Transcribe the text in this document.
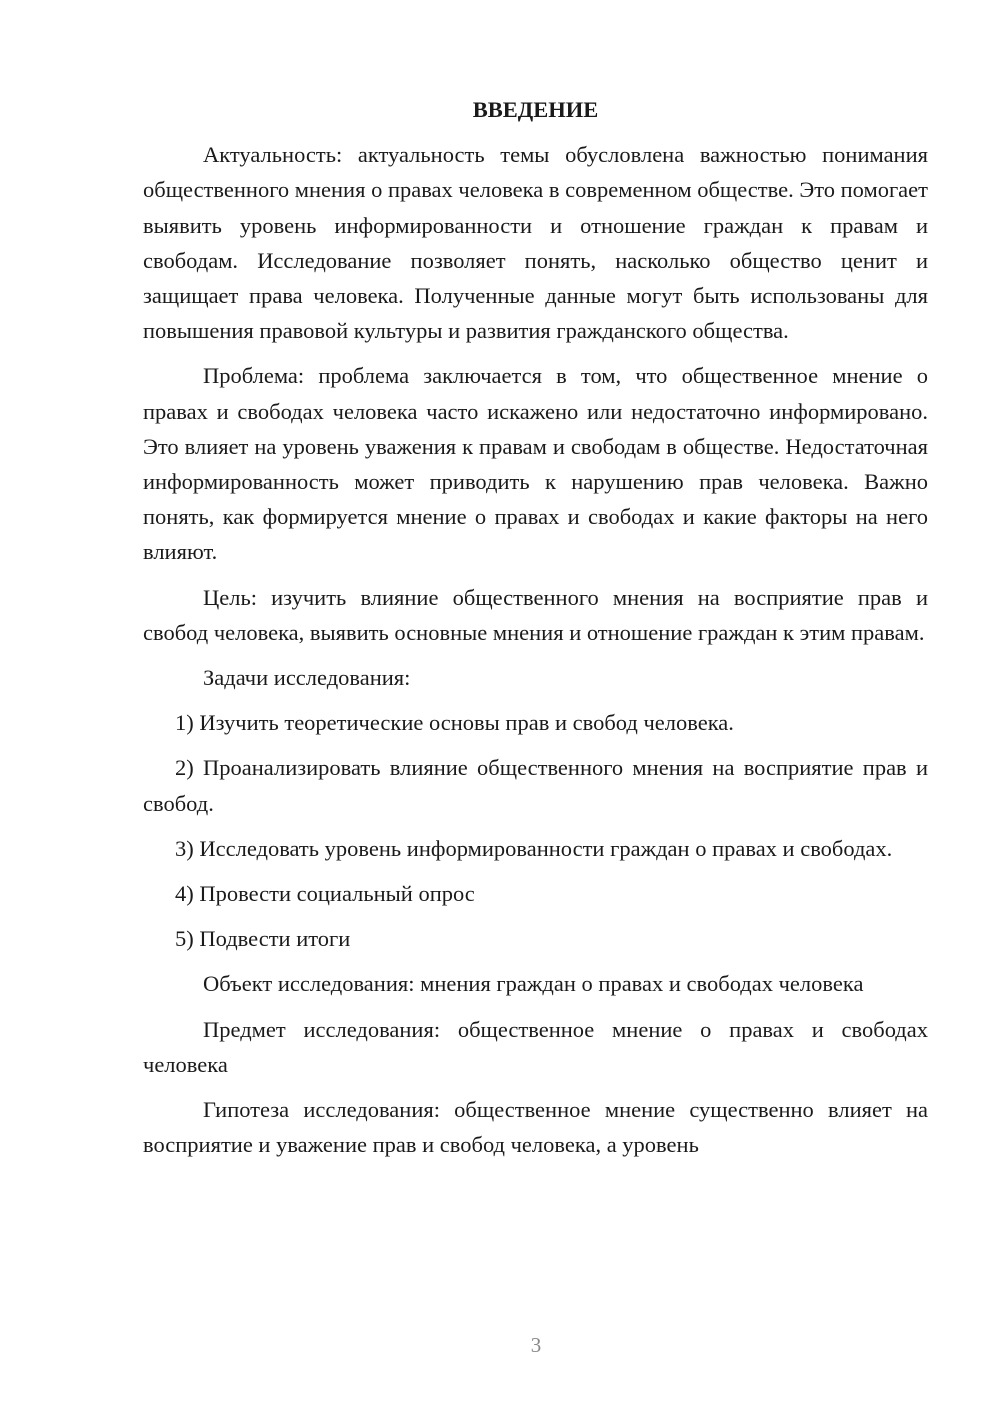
ВВЕДЕНИЕ

Актуальность: актуальность темы обусловлена важностью понимания общественного мнения о правах человека в современном обществе. Это помогает выявить уровень информированности и отношение граждан к правам и свободам. Исследование позволяет понять, насколько общество ценит и защищает права человека. Полученные данные могут быть использованы для повышения правовой культуры и развития гражданского общества.

Проблема: проблема заключается в том, что общественное мнение о правах и свободах человека часто искажено или недостаточно информировано. Это влияет на уровень уважения к правам и свободам в обществе. Недостаточная информированность может приводить к нарушению прав человека. Важно понять, как формируется мнение о правах и свободах и какие факторы на него влияют.

Цель: изучить влияние общественного мнения на восприятие прав и свобод человека, выявить основные мнения и отношение граждан к этим правам.

Задачи исследования:

1) Изучить теоретические основы прав и свобод человека.

2) Проанализировать влияние общественного мнения на восприятие прав и свобод.

3) Исследовать уровень информированности граждан о правах и свободах.

4) Провести социальный опрос

5) Подвести итоги

Объект исследования: мнения граждан о правах и свободах человека

Предмет исследования: общественное мнение о правах и свободах человека

Гипотеза исследования: общественное мнение существенно влияет на восприятие и уважение прав и свобод человека, а уровень

3
